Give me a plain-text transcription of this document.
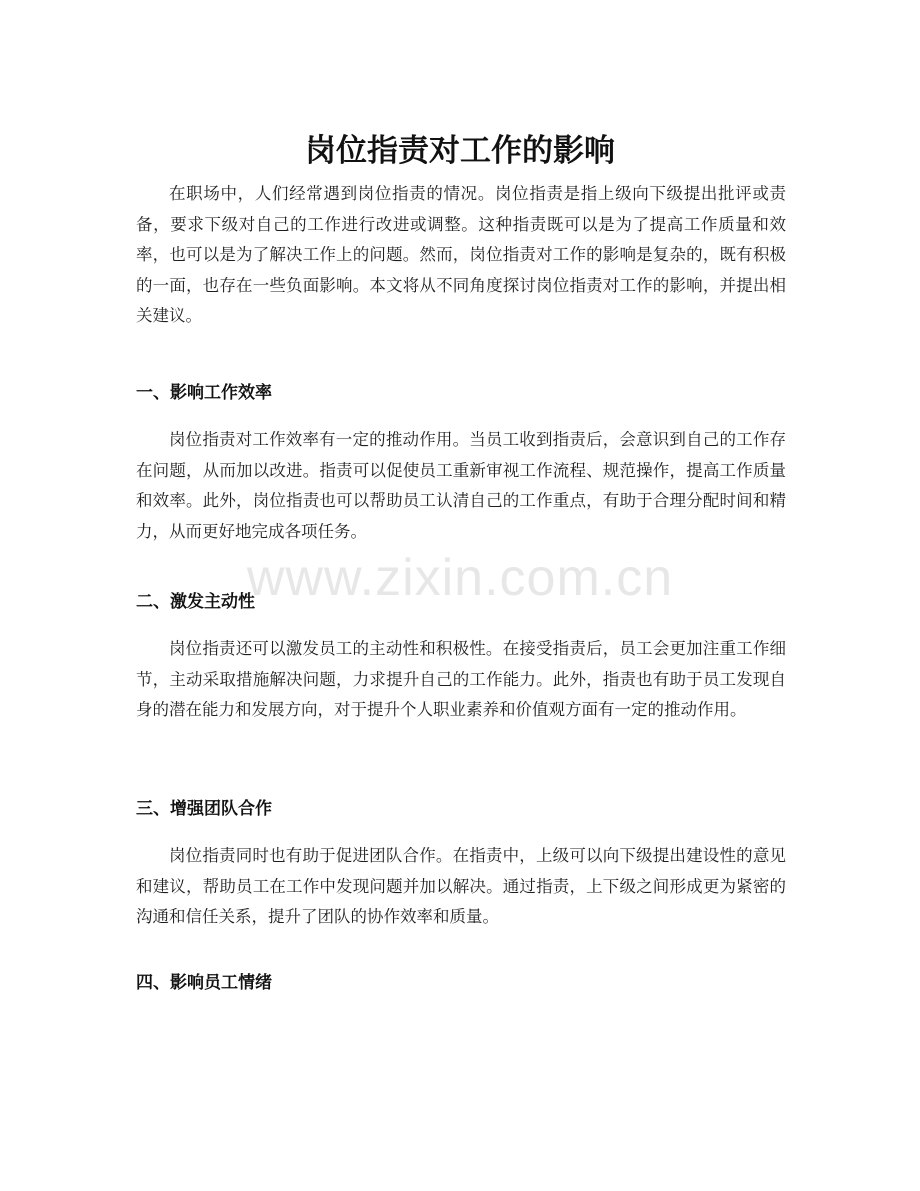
岗位指责对工作的影响

在职场中，人们经常遇到岗位指责的情况。岗位指责是指上级向下级提出批评或责备，要求下级对自己的工作进行改进或调整。这种指责既可以是为了提高工作质量和效率，也可以是为了解决工作上的问题。然而，岗位指责对工作的影响是复杂的，既有积极的一面，也存在一些负面影响。本文将从不同角度探讨岗位指责对工作的影响，并提出相关建议。

一、影响工作效率

岗位指责对工作效率有一定的推动作用。当员工收到指责后，会意识到自己的工作存在问题，从而加以改进。指责可以促使员工重新审视工作流程、规范操作，提高工作质量和效率。此外，岗位指责也可以帮助员工认清自己的工作重点，有助于合理分配时间和精力，从而更好地完成各项任务。

二、激发主动性

岗位指责还可以激发员工的主动性和积极性。在接受指责后，员工会更加注重工作细节，主动采取措施解决问题，力求提升自己的工作能力。此外，指责也有助于员工发现自身的潜在能力和发展方向，对于提升个人职业素养和价值观方面有一定的推动作用。

三、增强团队合作

岗位指责同时也有助于促进团队合作。在指责中，上级可以向下级提出建设性的意见和建议，帮助员工在工作中发现问题并加以解决。通过指责，上下级之间形成更为紧密的沟通和信任关系，提升了团队的协作效率和质量。

四、影响员工情绪
www.zixin.com.cn
